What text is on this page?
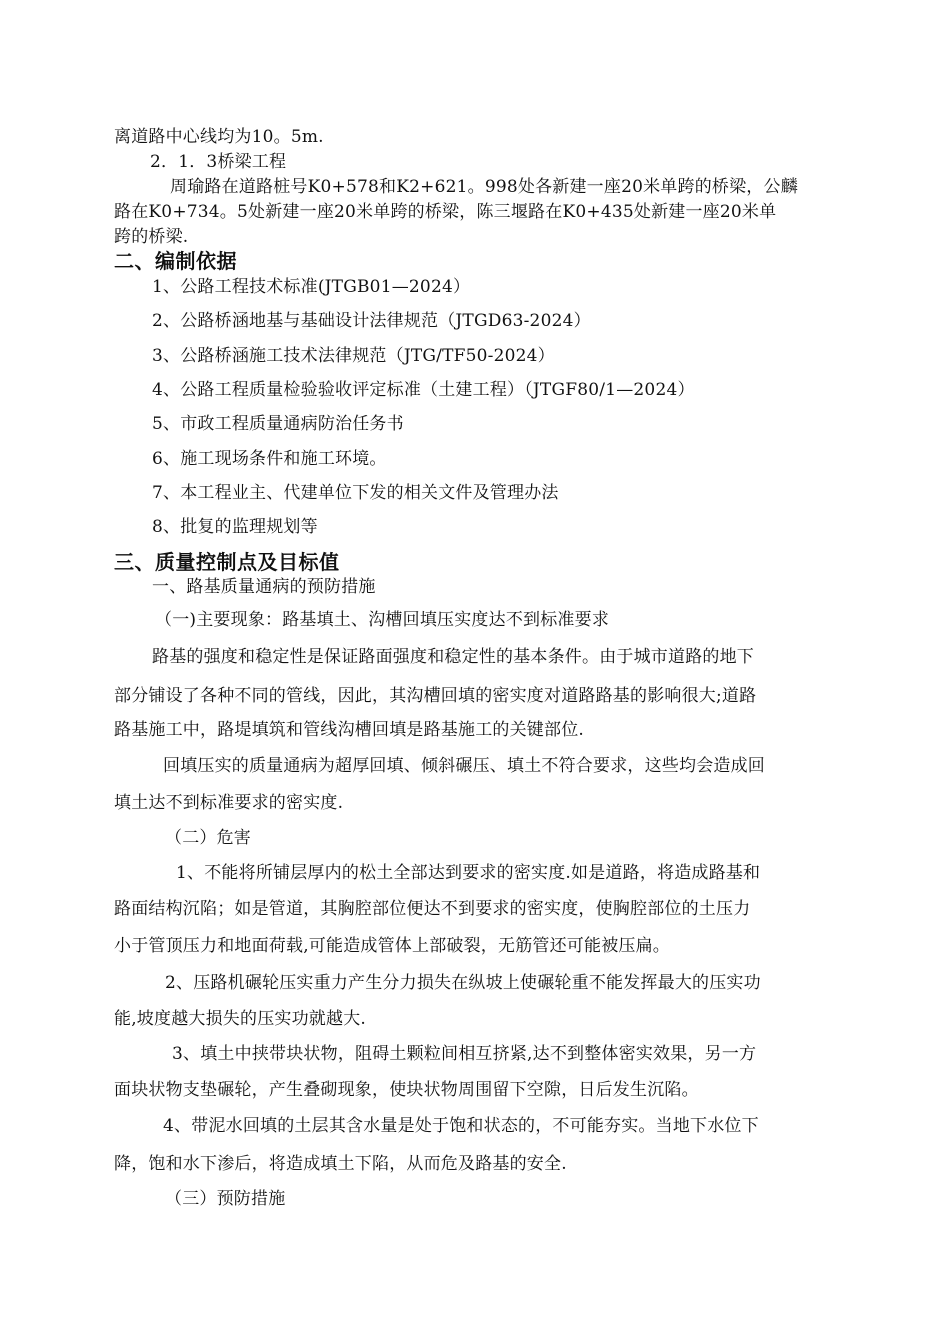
离道路中心线均为10。5m.
2．1．3桥梁工程
周瑜路在道路桩号K0+578和K2+621。998处各新建一座20米单跨的桥梁，公麟
路在K0+734。5处新建一座20米单跨的桥梁，陈三堰路在K0+435处新建一座20米单
跨的桥梁.
二、编制依据
1、公路工程技术标准(JTGB01—2024）
2、公路桥涵地基与基础设计法律规范（JTGD63-2024）
3、公路桥涵施工技术法律规范（JTG/TF50-2024）
4、公路工程质量检验验收评定标准（土建工程）（JTGF80/1—2024）
5、市政工程质量通病防治任务书
6、施工现场条件和施工环境。
7、本工程业主、代建单位下发的相关文件及管理办法
8、批复的监理规划等
三、质量控制点及目标值
一、路基质量通病的预防措施
（一)主要现象：路基填土、沟槽回填压实度达不到标准要求
路基的强度和稳定性是保证路面强度和稳定性的基本条件。由于城市道路的地下
部分铺设了各种不同的管线，因此，其沟槽回填的密实度对道路路基的影响很大;道路
路基施工中，路堤填筑和管线沟槽回填是路基施工的关键部位.
回填压实的质量通病为超厚回填、倾斜碾压、填土不符合要求，这些均会造成回
填土达不到标准要求的密实度.
（二）危害
1、不能将所铺层厚内的松土全部达到要求的密实度.如是道路，将造成路基和
路面结构沉陷；如是管道，其胸腔部位便达不到要求的密实度，使胸腔部位的土压力
小于管顶压力和地面荷载,可能造成管体上部破裂，无筋管还可能被压扁。
2、压路机碾轮压实重力产生分力损失在纵坡上使碾轮重不能发挥最大的压实功
能,坡度越大损失的压实功就越大.
3、填土中挟带块状物，阻碍土颗粒间相互挤紧,达不到整体密实效果，另一方
面块状物支垫碾轮，产生叠砌现象，使块状物周围留下空隙，日后发生沉陷。
4、带泥水回填的土层其含水量是处于饱和状态的，不可能夯实。当地下水位下
降，饱和水下渗后，将造成填土下陷，从而危及路基的安全.
（三）预防措施
